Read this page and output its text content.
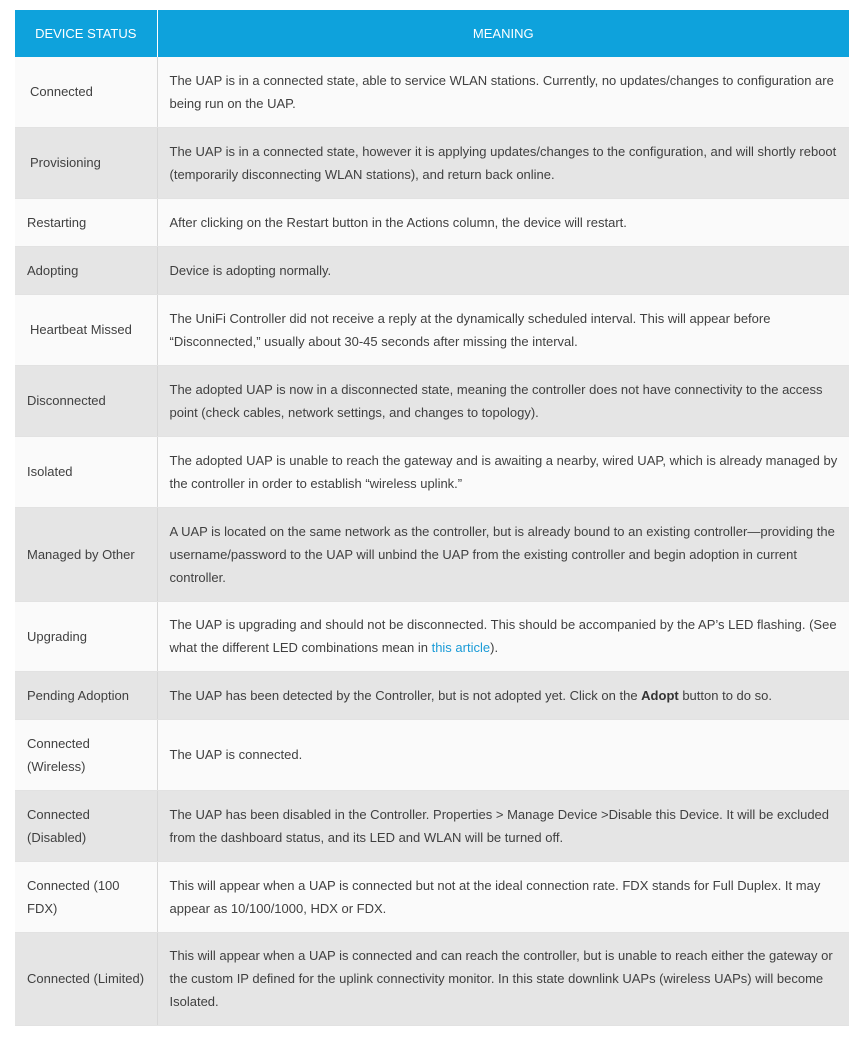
DEVICE STATUS	MEANING
Connected	The UAP is in a connected state, able to service WLAN stations. Currently, no updates/changes to configuration are being run on the UAP.
Provisioning	The UAP is in a connected state, however it is applying updates/changes to the configuration, and will shortly reboot (temporarily disconnecting WLAN stations), and return back online.
Restarting	After clicking on the Restart button in the Actions column, the device will restart.
Adopting	Device is adopting normally.
Heartbeat Missed	The UniFi Controller did not receive a reply at the dynamically scheduled interval. This will appear before “Disconnected,” usually about 30-45 seconds after missing the interval.
Disconnected	The adopted UAP is now in a disconnected state, meaning the controller does not have connectivity to the access point (check cables, network settings, and changes to topology).
Isolated	The adopted UAP is unable to reach the gateway and is awaiting a nearby, wired UAP, which is already managed by the controller in order to establish “wireless uplink.”
Managed by Other	A UAP is located on the same network as the controller, but is already bound to an existing controller—providing the username/password to the UAP will unbind the UAP from the existing controller and begin adoption in current controller.
Upgrading	The UAP is upgrading and should not be disconnected. This should be accompanied by the AP’s LED flashing. (See what the different LED combinations mean in this article).
Pending Adoption	The UAP has been detected by the Controller, but is not adopted yet. Click on the Adopt button to do so.
Connected (Wireless)	The UAP is connected.
Connected (Disabled)	The UAP has been disabled in the Controller. Properties > Manage Device >Disable this Device. It will be excluded from the dashboard status, and its LED and WLAN will be turned off.
Connected (100 FDX)	This will appear when a UAP is connected but not at the ideal connection rate. FDX stands for Full Duplex. It may appear as 10/100/1000, HDX or FDX.
Connected (Limited)	This will appear when a UAP is connected and can reach the controller, but is unable to reach either the gateway or the custom IP defined for the uplink connectivity monitor. In this state downlink UAPs (wireless UAPs) will become Isolated.
